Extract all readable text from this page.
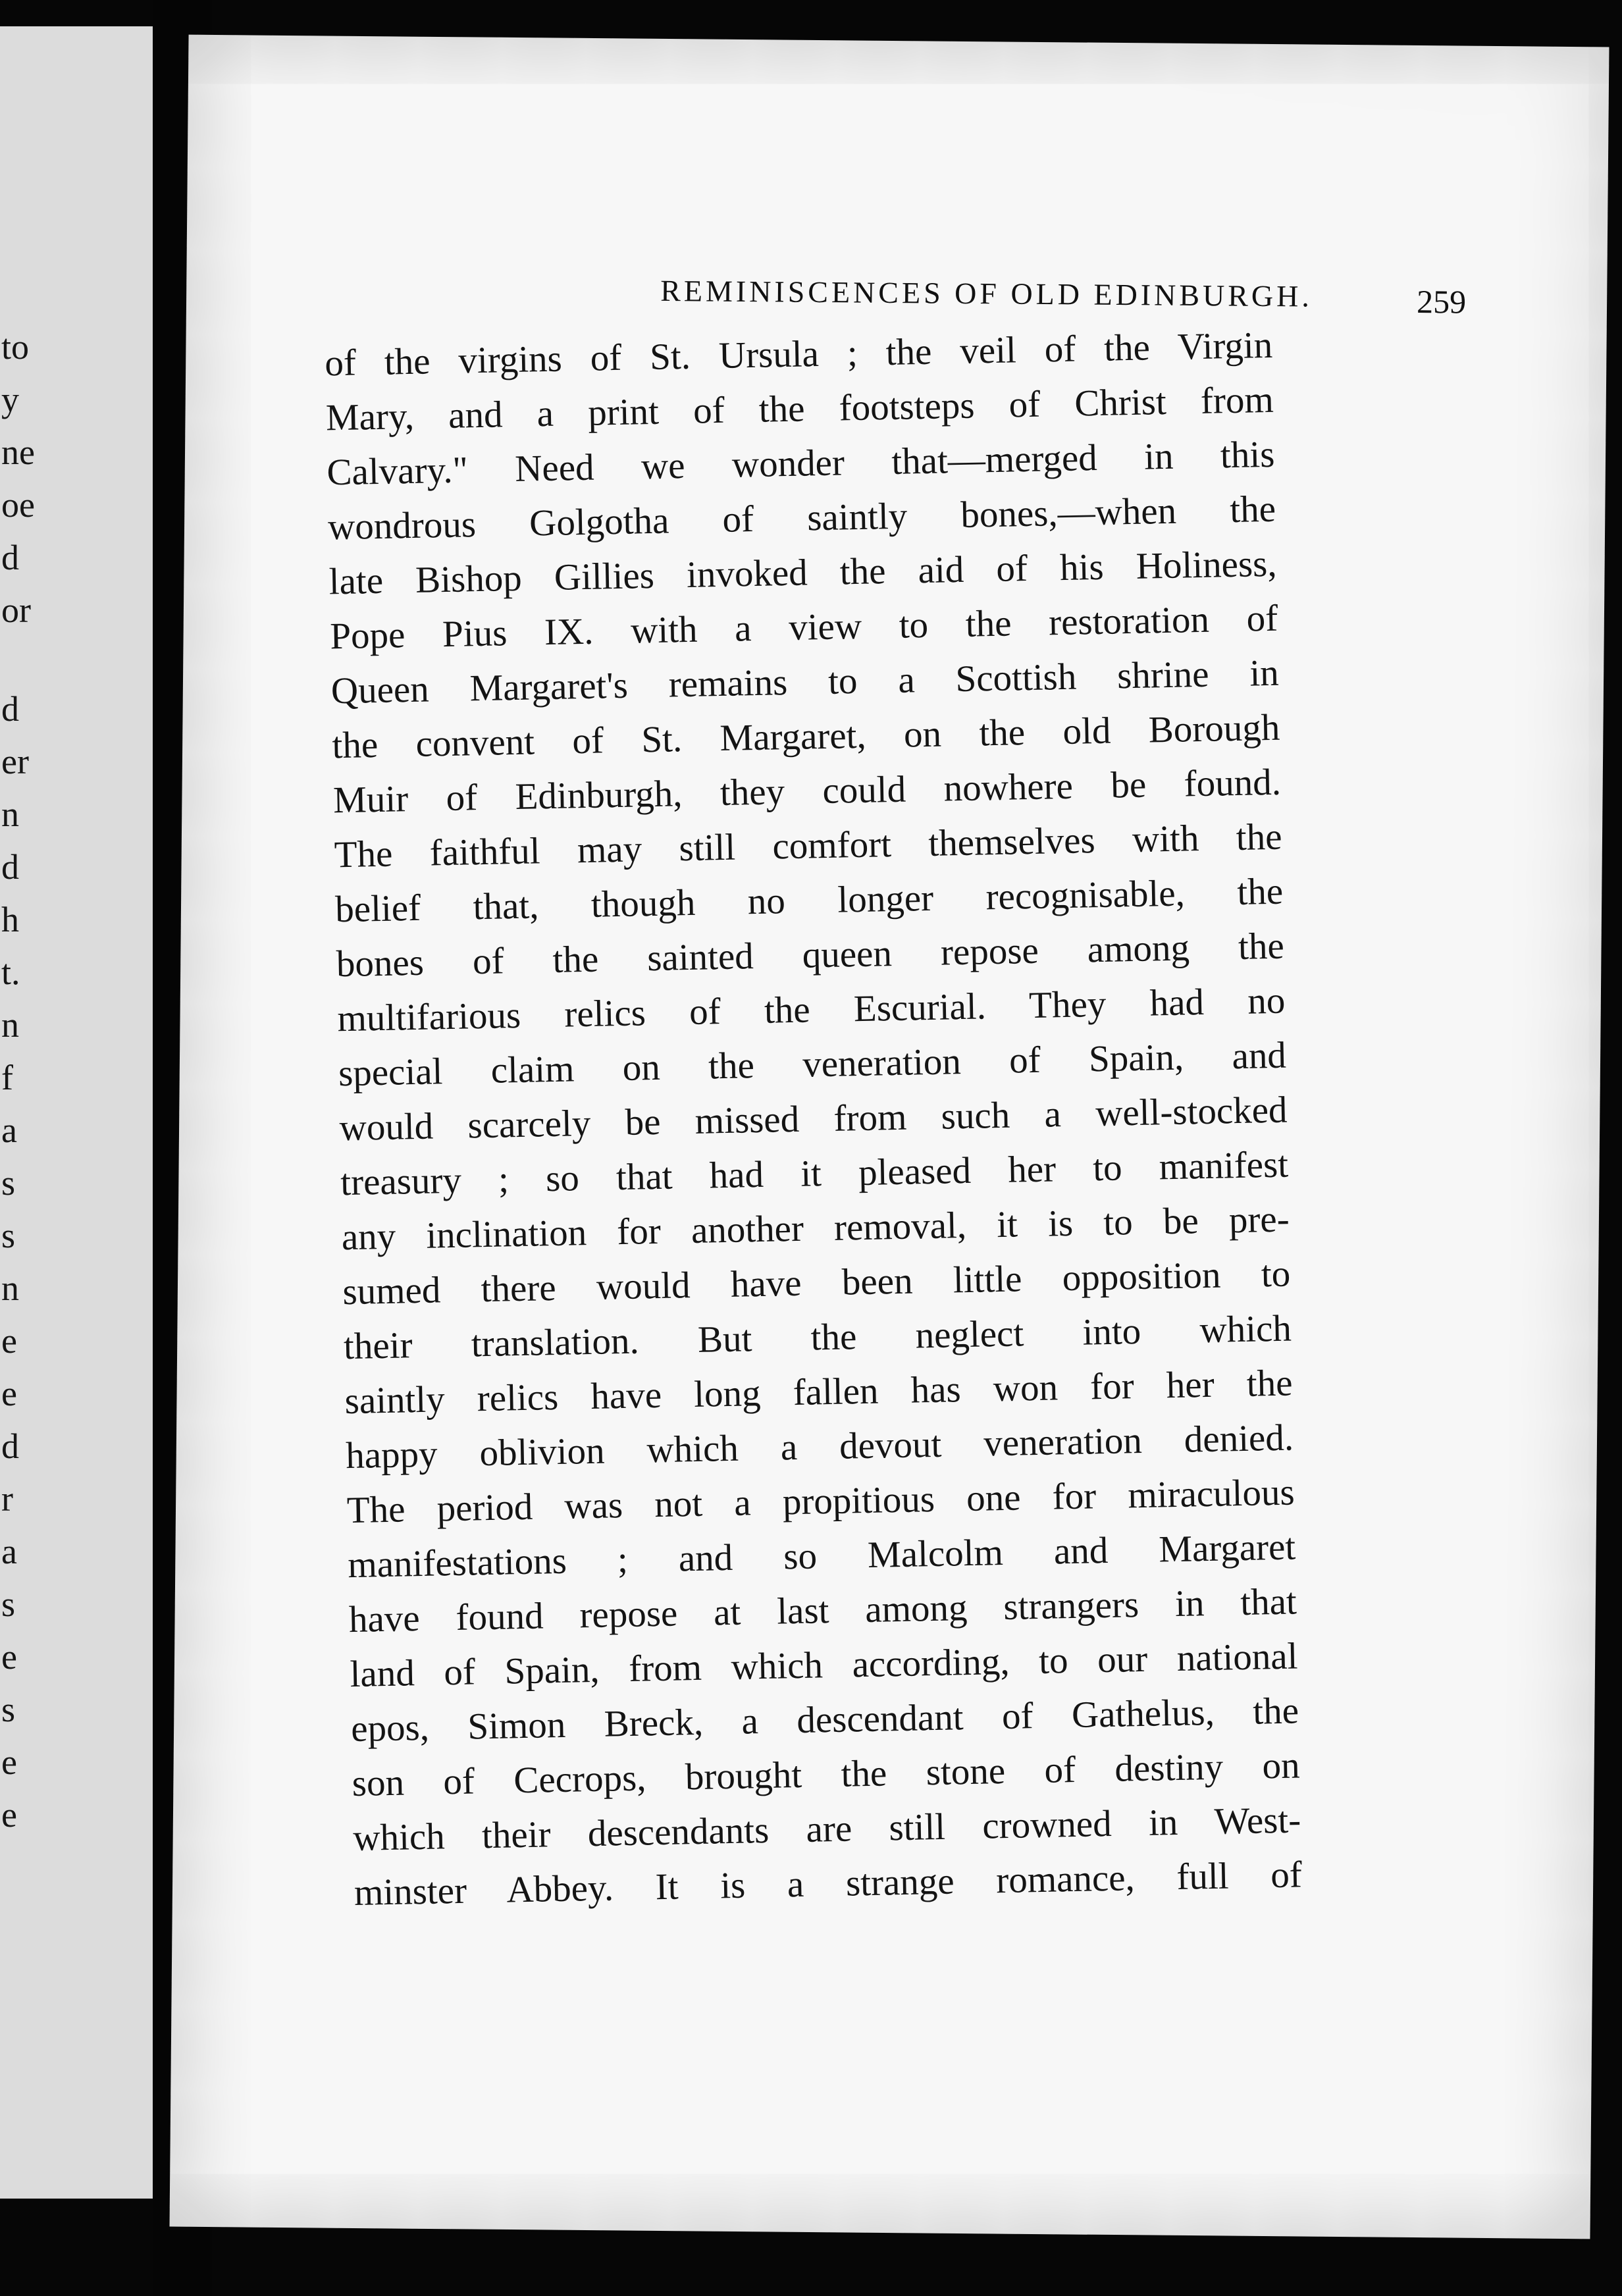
to
y
ne
oe
d
or
d
er
n
d
h
t.
n
f
a
s
s
n
e
e
d
r
a
s
e
s
e
e
REMINISCENCES OF OLD EDINBURGH.	259
of the virgins of St. Ursula ; the veil of the Virgin
Mary, and a print of the footsteps of Christ from
Calvary." Need we wonder that—merged in this
wondrous Golgotha of saintly bones,—when the
late Bishop Gillies invoked the aid of his Holiness,
Pope Pius IX. with a view to the restoration of
Queen Margaret's remains to a Scottish shrine in
the convent of St. Margaret, on the old Borough
Muir of Edinburgh, they could nowhere be found.
The faithful may still comfort themselves with the
belief that, though no longer recognisable, the
bones of the sainted queen repose among the
multifarious relics of the Escurial. They had no
special claim on the veneration of Spain, and
would scarcely be missed from such a well-stocked
treasury ; so that had it pleased her to manifest
any inclination for another removal, it is to be pre-
sumed there would have been little opposition to
their translation. But the neglect into which
saintly relics have long fallen has won for her the
happy oblivion which a devout veneration denied.
The period was not a propitious one for miraculous
manifestations ; and so Malcolm and Margaret
have found repose at last among strangers in that
land of Spain, from which according, to our national
epos, Simon Breck, a descendant of Gathelus, the
son of Cecrops, brought the stone of destiny on
which their descendants are still crowned in West-
minster Abbey. It is a strange romance, full of
